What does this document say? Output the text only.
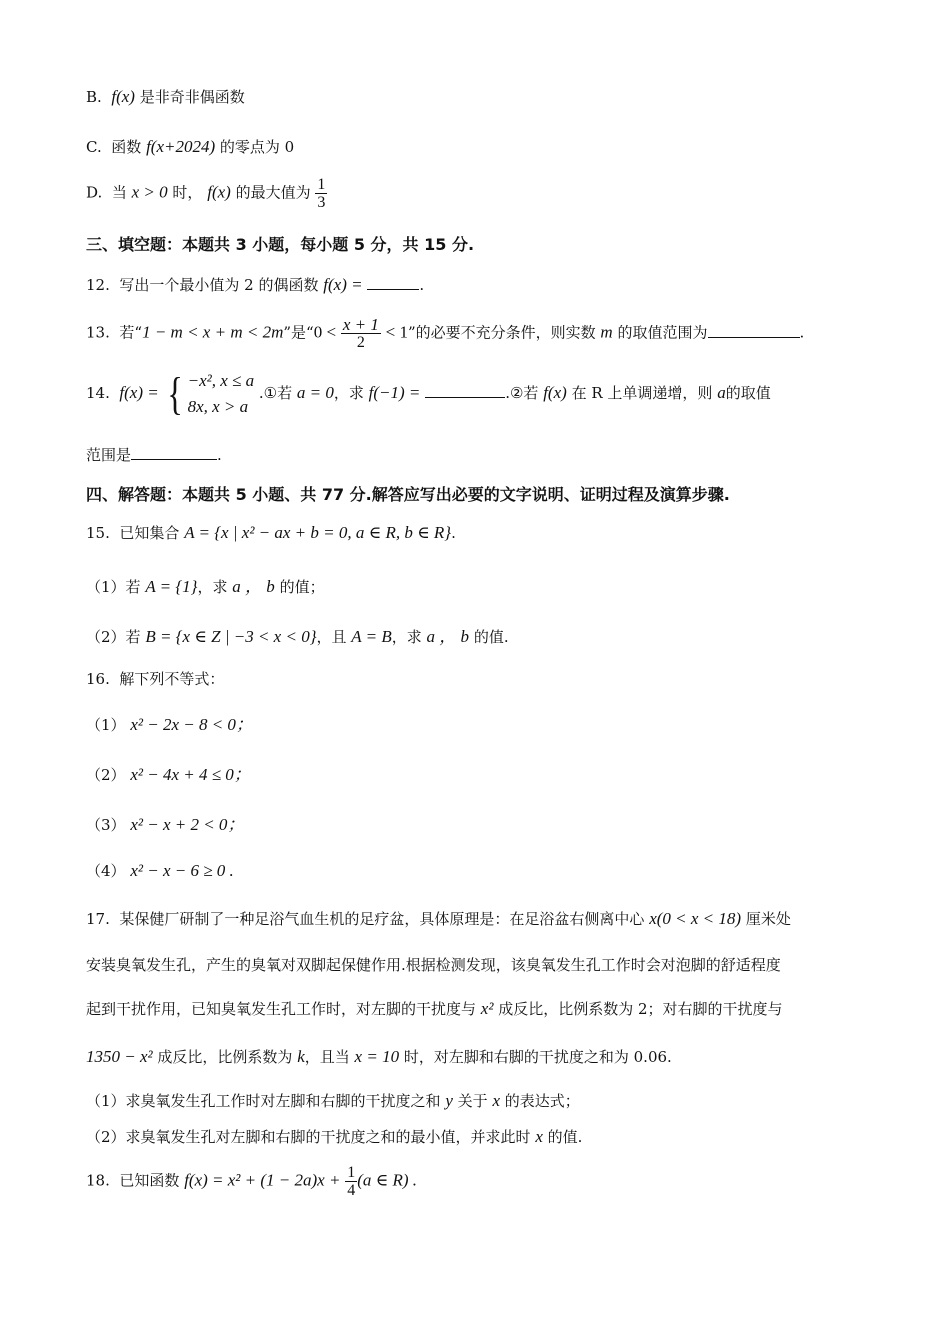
B. f(x) 是非奇非偶函数
C. 函数 f(x+2024) 的零点为 0
D. 当 x > 0 时， f(x) 的最大值为 $\frac{1}{3}$
三、填空题：本题共 3 小题，每小题 5 分，共 15 分.
12. 写出一个最小值为 2 的偶函数 f(x) =	.
13. 若“1 − m < x + m < 2m”是“$0 < \frac{x + 1}{2} < 1$”的必要不充分条件，则实数 m 的取值范围为	.
14. f(x) = { −x², x ≤ a
8x, x > a
.①若 a = 0，求 f(−1) =	.②若 f(x) 在 R 上单调递增，则 a的取值
范围是	.
四、解答题：本题共 5 小题、共 77 分.解答应写出必要的文字说明、证明过程及演算步骤.
15. 已知集合 A = {x | x² − ax + b = 0, a ∈ R, b ∈ R}.
（1）若 A = {1}，求 a ， b 的值；
（2）若 B = {x ∈ Z | −3 < x < 0}，且 A = B，求 a ， b 的值.
16. 解下列不等式：
（1） x² − 2x − 8 < 0；
（2） x² − 4x + 4 ≤ 0；
（3） x² − x + 2 < 0；
（4） x² − x − 6 ≥ 0 .
17. 某保健厂研制了一种足浴气血生机的足疗盆，具体原理是：在足浴盆右侧离中心 x(0 < x < 18) 厘米处
安装臭氧发生孔，产生的臭氧对双脚起保健作用.根据检测发现，该臭氧发生孔工作时会对泡脚的舒适程度
起到干扰作用，已知臭氧发生孔工作时，对左脚的干扰度与 x² 成反比，比例系数为 2；对右脚的干扰度与
1350 − x² 成反比，比例系数为 k，且当 x = 10 时，对左脚和右脚的干扰度之和为 0.06.
（1）求臭氧发生孔工作时对左脚和右脚的干扰度之和 y 关于 x 的表达式；
（2）求臭氧发生孔对左脚和右脚的干扰度之和的最小值，并求此时 x 的值.
18. 已知函数 $f(x) = x^2 + (1 - 2a)x + \frac{1}{4} (a$ ∈ R) .
